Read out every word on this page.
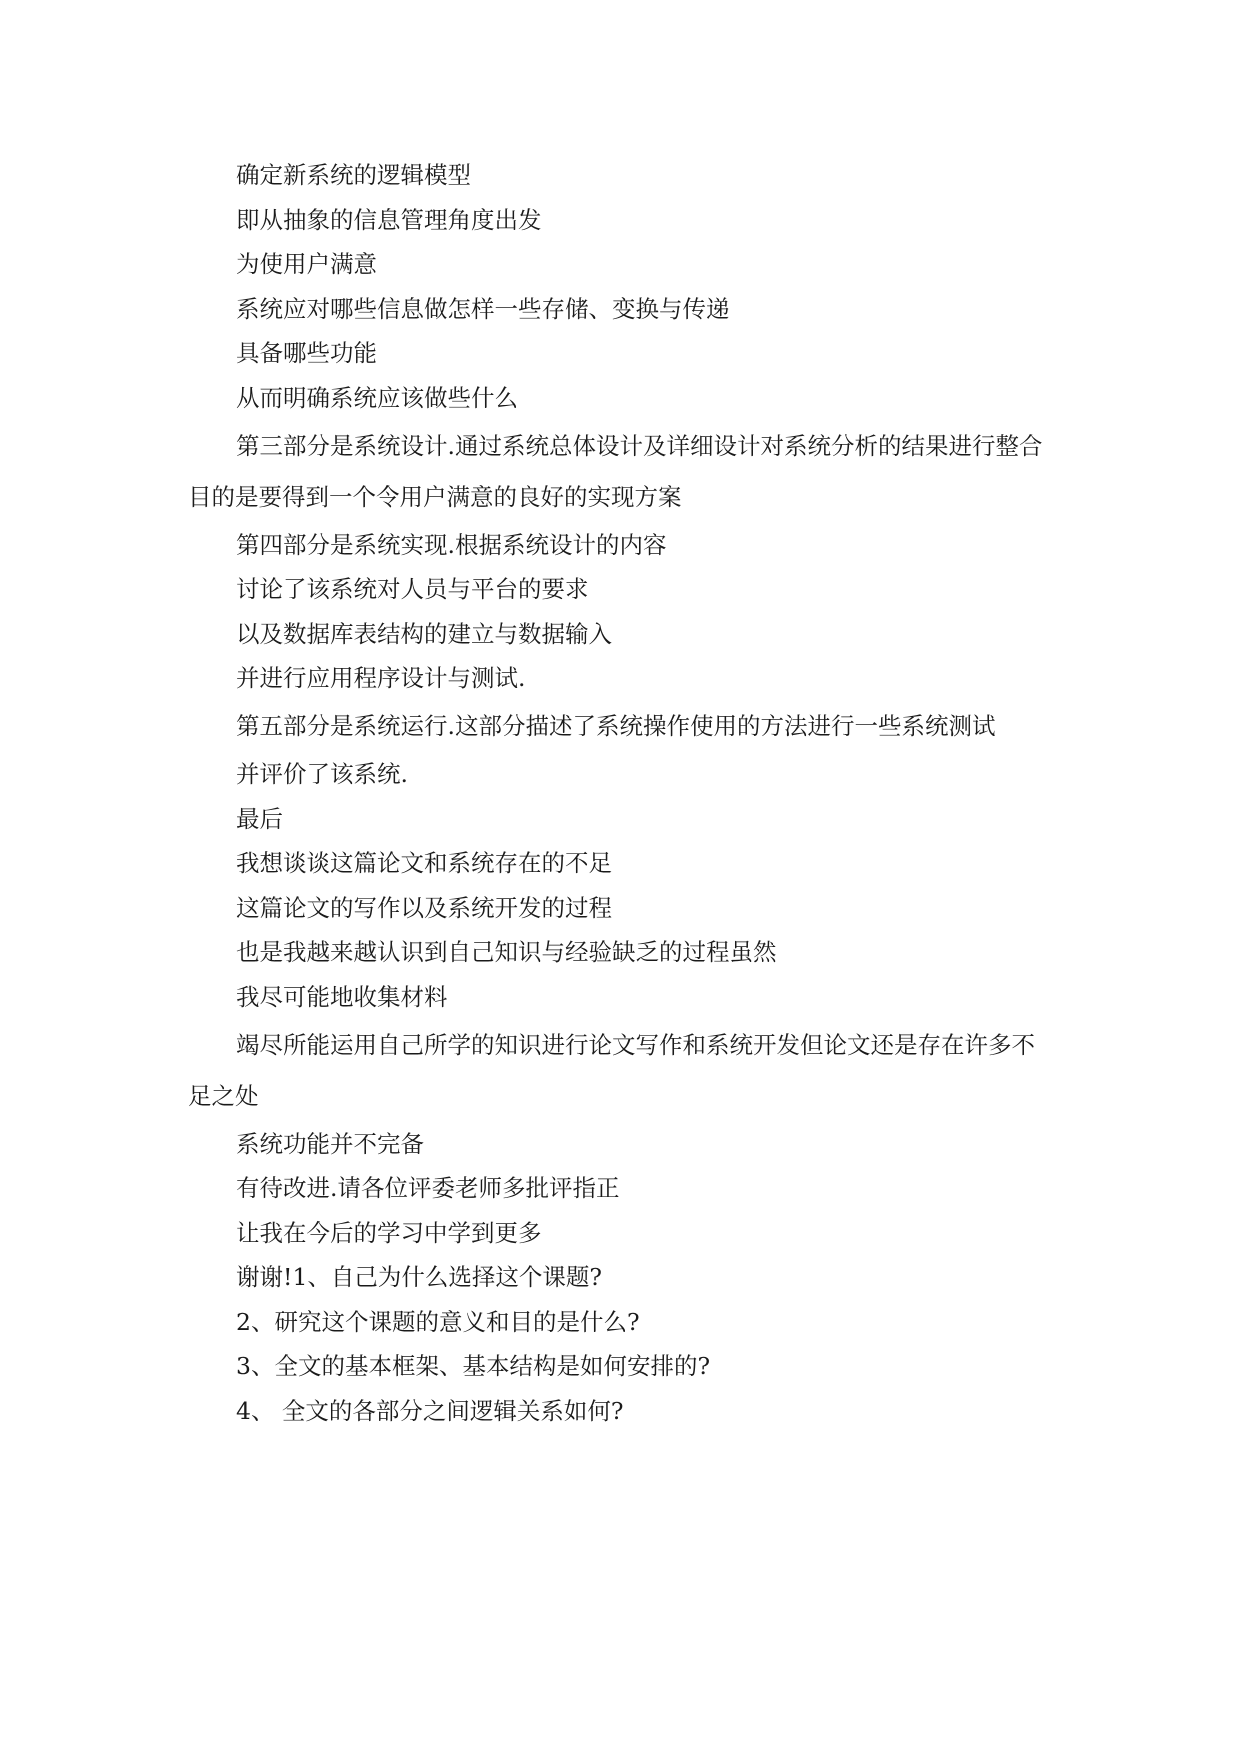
确定新系统的逻辑模型

即从抽象的信息管理角度出发

为使用户满意

系统应对哪些信息做怎样一些存储、变换与传递

具备哪些功能

从而明确系统应该做些什么

第三部分是系统设计.通过系统总体设计及详细设计对系统分析的结果进行整合目的是要得到一个令用户满意的良好的实现方案

第四部分是系统实现.根据系统设计的内容

讨论了该系统对人员与平台的要求

以及数据库表结构的建立与数据输入

并进行应用程序设计与测试.

第五部分是系统运行.这部分描述了系统操作使用的方法进行一些系统测试

并评价了该系统.

最后

我想谈谈这篇论文和系统存在的不足

这篇论文的写作以及系统开发的过程

也是我越来越认识到自己知识与经验缺乏的过程虽然

我尽可能地收集材料

竭尽所能运用自己所学的知识进行论文写作和系统开发但论文还是存在许多不足之处

系统功能并不完备

有待改进.请各位评委老师多批评指正

让我在今后的学习中学到更多

谢谢!1、自己为什么选择这个课题?

2、研究这个课题的意义和目的是什么?

3、全文的基本框架、基本结构是如何安排的?

4、 全文的各部分之间逻辑关系如何?
